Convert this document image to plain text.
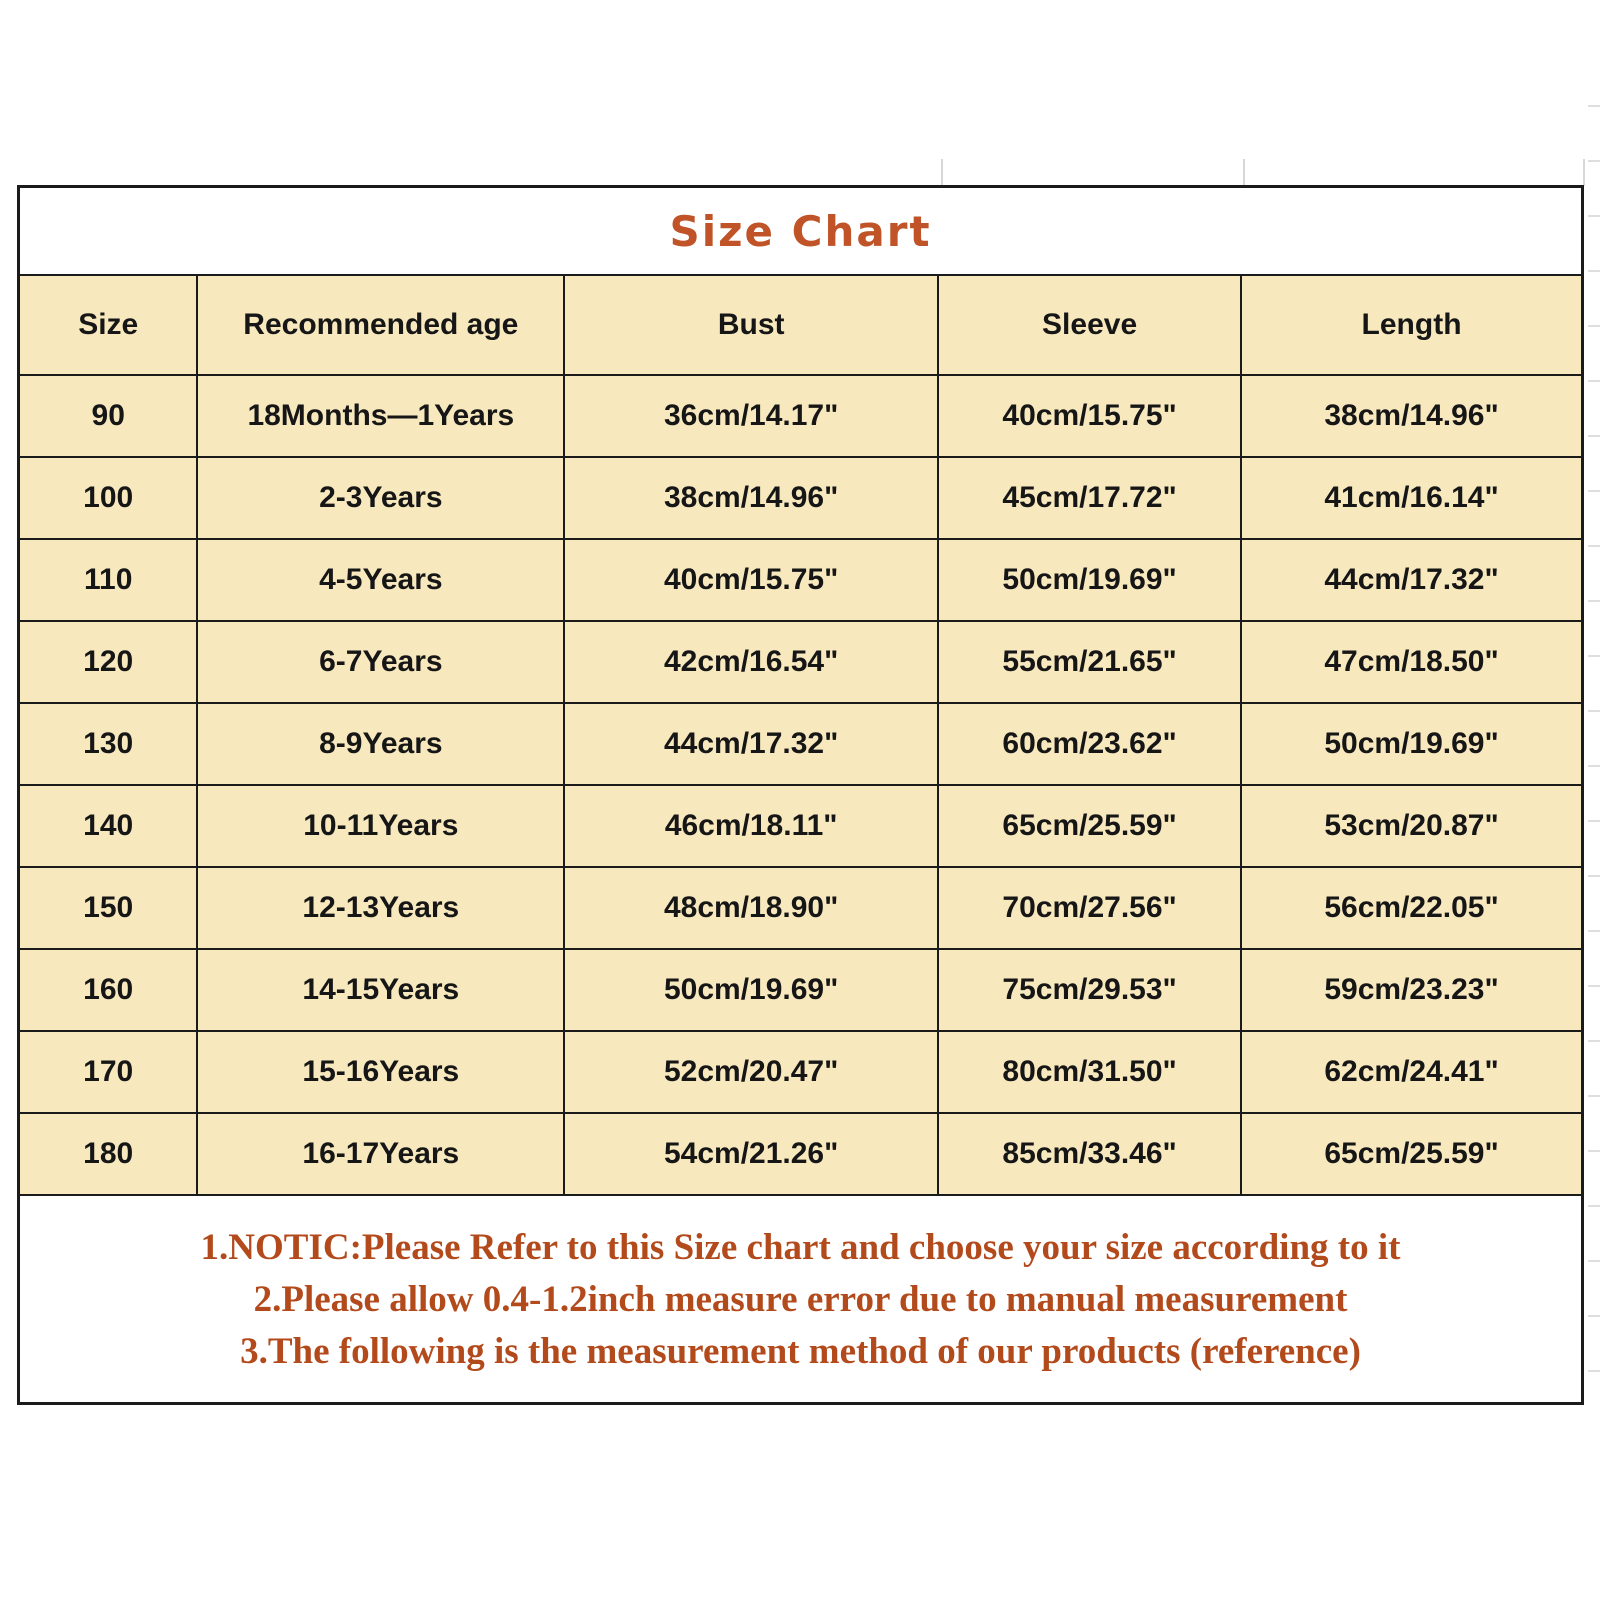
Size Chart
Size	Recommended age	Bust	Sleeve	Length
90	18Months—1Years	36cm/14.17"	40cm/15.75"	38cm/14.96"
100	2-3Years	38cm/14.96"	45cm/17.72"	41cm/16.14"
110	4-5Years	40cm/15.75"	50cm/19.69"	44cm/17.32"
120	6-7Years	42cm/16.54"	55cm/21.65"	47cm/18.50"
130	8-9Years	44cm/17.32"	60cm/23.62"	50cm/19.69"
140	10-11Years	46cm/18.11"	65cm/25.59"	53cm/20.87"
150	12-13Years	48cm/18.90"	70cm/27.56"	56cm/22.05"
160	14-15Years	50cm/19.69"	75cm/29.53"	59cm/23.23"
170	15-16Years	52cm/20.47"	80cm/31.50"	62cm/24.41"
180	16-17Years	54cm/21.26"	85cm/33.46"	65cm/25.59"
1.NOTIC:Please Refer to this Size chart and choose your size according to it
2.Please allow 0.4-1.2inch measure error due to manual measurement
3.The following is the measurement method of our products (reference)
